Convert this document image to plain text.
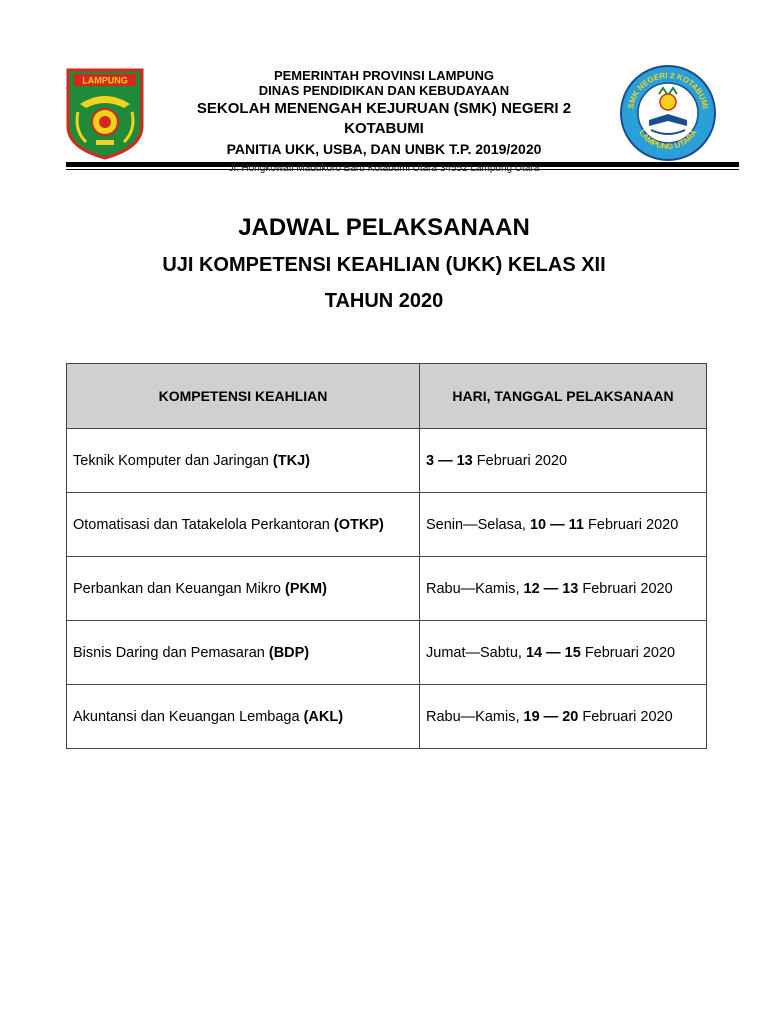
LAMPUNG	PEMERINTAH PROVINSI LAMPUNG
DINAS PENDIDIKAN DAN KEBUDAYAAN
SEKOLAH MENENGAH KEJURUAN (SMK) NEGERI 2
KOTABUMI
PANITIA UKK, USBA, DAN UNBK T.P. 2019/2020
SMK NEGERI 2 KOTABUMI
LAMPUNG UTARA
Jl. Hongkowati Madukoro Baru Kotabumi Utara 34552 Lampung Utara
JADWAL PELAKSANAAN
UJI KOMPETENSI KEAHLIAN (UKK) KELAS XII
TAHUN 2020
KOMPETENSI KEAHLIAN	HARI, TANGGAL PELAKSANAAN
Teknik Komputer dan Jaringan (TKJ)	3 — 13 Februari 2020
Otomatisasi dan Tatakelola Perkantoran (OTKP)	Senin—Selasa, 10 — 11 Februari 2020
Perbankan dan Keuangan Mikro (PKM)	Rabu—Kamis, 12 — 13 Februari 2020
Bisnis Daring dan Pemasaran (BDP)	Jumat—Sabtu, 14 — 15 Februari 2020
Akuntansi dan Keuangan Lembaga (AKL)	Rabu—Kamis, 19 — 20 Februari 2020
